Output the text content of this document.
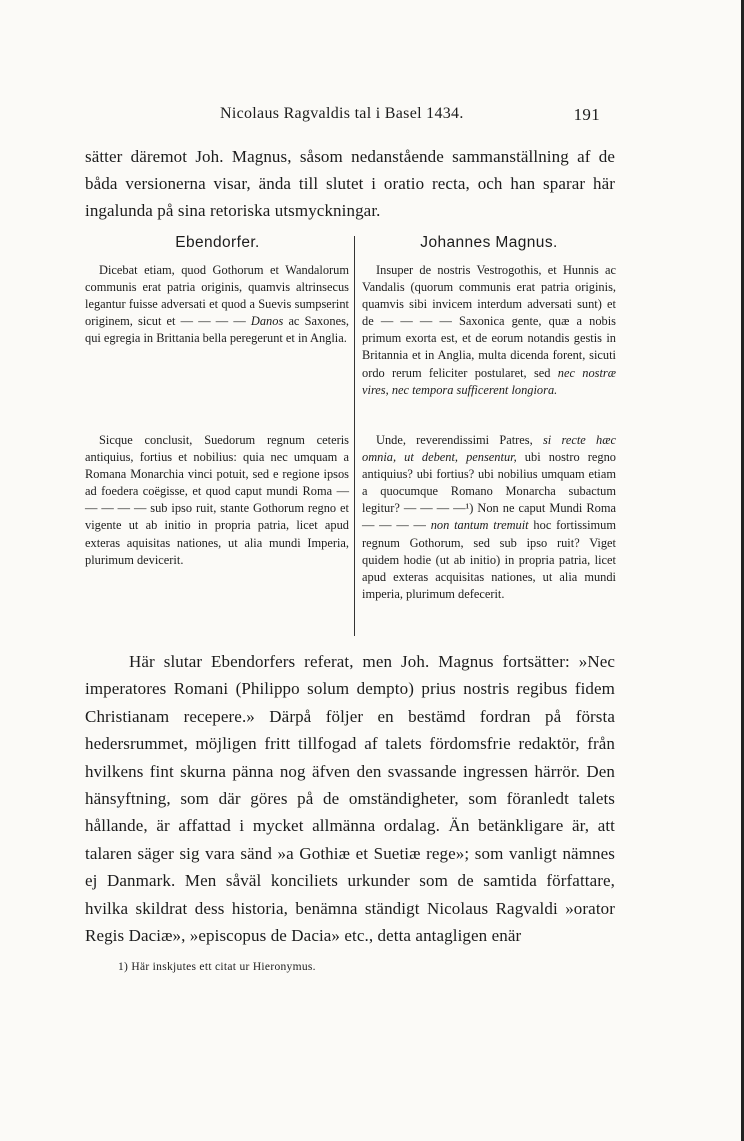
Nicolaus Ragvaldis tal i Basel 1434.	191
sätter däremot Joh. Magnus, såsom nedanstående sammanställning af de båda versionerna visar, ända till slutet i oratio recta, och han sparar här ingalunda på sina retoriska utsmyckningar.
Ebendorfer.	Johannes Magnus.

Dicebat etiam, quod Gothorum et Wandalorum communis erat patria originis, quamvis altrinsecus legantur fuisse adversati et quod a Suevis sumpserint originem, sicut et — — — — Danos ac Saxones, qui egregia in Brittania bella peregerunt et in Anglia.

Sicque conclusit, Suedorum regnum ceteris antiquius, fortius et nobilius: quia nec umquam a Romana Monarchia vinci potuit, sed e regione ipsos ad foedera coëgisse, et quod caput mundi Roma — — — — — sub ipso ruit, stante Gothorum regno et vigente ut ab initio in propria patria, licet apud exteras aquisitas nationes, ut alia mundi Imperia, plurimum devicerit.

Insuper de nostris Vestrogothis, et Hunnis ac Vandalis (quorum communis erat patria originis, quamvis sibi invicem interdum adversati sunt) et de — — — — Saxonica gente, quæ a nobis primum exorta est, et de eorum notandis gestis in Britannia et in Anglia, multa dicenda forent, sicuti ordo rerum feliciter postularet, sed nec nostræ vires, nec tempora sufficerent longiora.

Unde, reverendissimi Patres, si recte hæc omnia, ut debent, pensentur, ubi nostro regno antiquius? ubi fortius? ubi nobilius umquam etiam a quocumque Romano Monarcha subactum legitur? — — — —¹) Non ne caput Mundi Roma — — — — non tantum tremuit hoc fortissimum regnum Gothorum, sed sub ipso ruit? Viget quidem hodie (ut ab initio) in propria patria, licet apud exteras acquisitas nationes, ut alia mundi imperia, plurimum defecerit.

Här slutar Ebendorfers referat, men Joh. Magnus fortsätter: »Nec imperatores Romani (Philippo solum dempto) prius nostris regibus fidem Christianam recepere.» Därpå följer en bestämd fordran på första hedersrummet, möjligen fritt tillfogad af talets fördomsfrie redaktör, från hvilkens fint skurna pänna nog äfven den svassande ingressen härrör. Den hänsyftning, som där göres på de omständigheter, som föranledt talets hållande, är affattad i mycket allmänna ordalag. Än betänkligare är, att talaren säger sig vara sänd »a Gothiæ et Suetiæ rege»; som vanligt nämnes ej Danmark. Men såväl konciliets urkunder som de samtida författare, hvilka skildrat dess historia, benämna ständigt Nicolaus Ragvaldi »orator Regis Daciæ», »episcopus de Dacia» etc., detta antagligen enär

1) Här inskjutes ett citat ur Hieronymus.
